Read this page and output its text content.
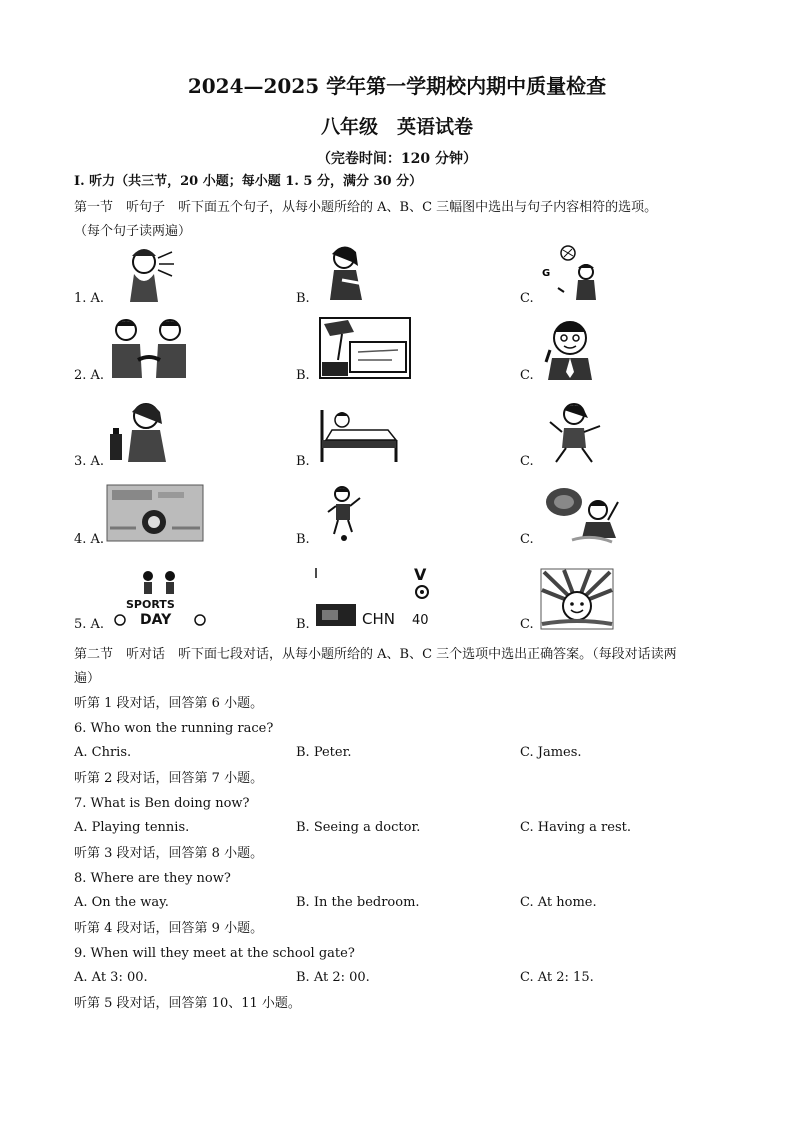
2024—2025 学年第一学期校内期中质量检查
八年级　英语试卷
（完卷时间：120 分钟）
Ⅰ. 听力（共三节，20 小题；每小题 1. 5 分，满分 30 分）
第一节　听句子　听下面五个句子，从每小题所给的 A、B、C 三幅图中选出与句子内容相符的选项。
（每个句子读两遍）
1. A.	B.	C.
G
2. A.	B.	C.
3. A.	B.	C.
4. A.	B.	C.
5. A.	B.	C.
SPORTS
DAY
V
CHN 40
第二节　听对话　听下面七段对话，从每小题所给的 A、B、C 三个选项中选出正确答案。（每段对话读两
遍）
听第 1 段对话，回答第 6 小题。
6. Who won the running race?
A. Chris.	B. Peter.	C. James.
听第 2 段对话，回答第 7 小题。
7. What is Ben doing now?
A. Playing tennis.	B. Seeing a doctor.	C. Having a rest.
听第 3 段对话，回答第 8 小题。
8. Where are they now?
A. On the way.	B. In the bedroom.	C. At home.
听第 4 段对话，回答第 9 小题。
9. When will they meet at the school gate?
A. At 3: 00.	B. At 2: 00.	C. At 2: 15.
听第 5 段对话，回答第 10、11 小题。
